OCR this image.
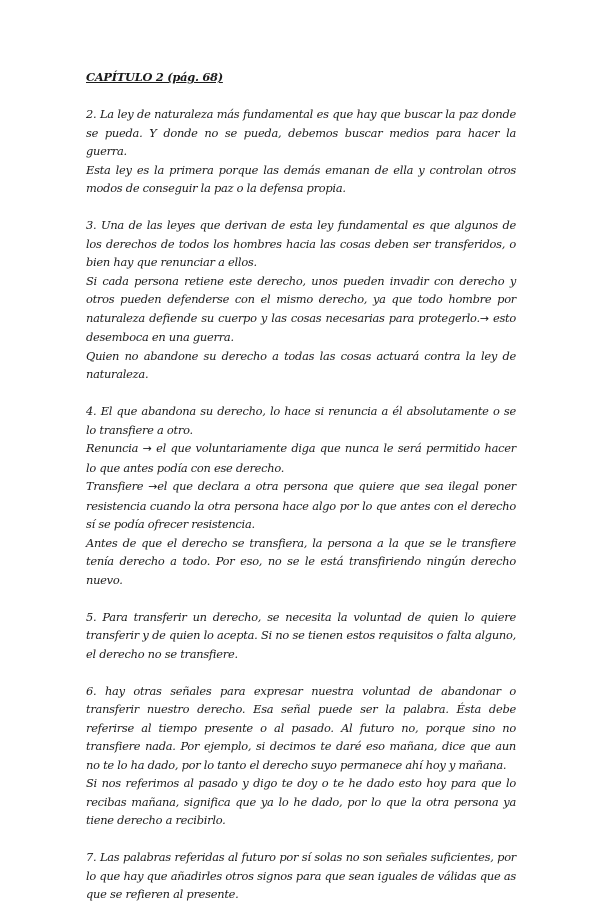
CAPÍTULO 2 (pág. 68)
2. La ley de naturaleza más fundamental es que hay que buscar la paz donde se pueda. Y donde no se pueda, debemos buscar medios para hacer la guerra.
Esta ley es la primera porque las demás emanan de ella y controlan otros modos de conseguir la paz o la defensa propia.
3. Una de las leyes que derivan de esta ley fundamental es que algunos de los derechos de todos los hombres hacia las cosas deben ser transferidos, o bien hay que renunciar a ellos.
Si cada persona retiene este derecho, unos pueden invadir con derecho y otros pueden defenderse con el mismo derecho, ya que todo hombre por naturaleza defiende su cuerpo y las cosas necesarias para protegerlo.→ esto desemboca en una guerra.
Quien no abandone su derecho a todas las cosas actuará contra la ley de naturaleza.
4. El que abandona su derecho, lo hace si renuncia a él absolutamente o se lo transfiere a otro.
Renuncia → el que voluntariamente diga que nunca le será permitido hacer lo que antes podía con ese derecho.
Transfiere →el que declara a otra persona que quiere que sea ilegal poner resistencia cuando la otra persona hace algo por lo que antes con el derecho sí se podía ofrecer resistencia.
Antes de que el derecho se transfiera, la persona a la que se le transfiere tenía derecho a todo. Por eso, no se le está transfiriendo ningún derecho nuevo.
5. Para transferir un derecho, se necesita la voluntad de quien lo quiere transferir y de quien lo acepta. Si no se tienen estos requisitos o falta alguno, el derecho no se transfiere.
6. hay otras señales para expresar nuestra voluntad de abandonar o transferir nuestro derecho. Esa señal puede ser la palabra. Ésta debe referirse al tiempo presente o al pasado. Al futuro no, porque sino no transfiere nada. Por ejemplo, si decimos te daré eso mañana, dice que aun no te lo ha dado, por lo tanto el derecho suyo permanece ahí hoy y mañana.
Si nos referimos al pasado y digo te doy o te he dado esto hoy para que lo recibas mañana, significa que ya lo he dado, por lo que la otra persona ya tiene derecho a recibirlo.
7. Las palabras referidas al futuro por sí solas no son señales suficientes, por lo que hay que añadirles otros signos para que sean iguales de válidas que as que se refieren al presente.
